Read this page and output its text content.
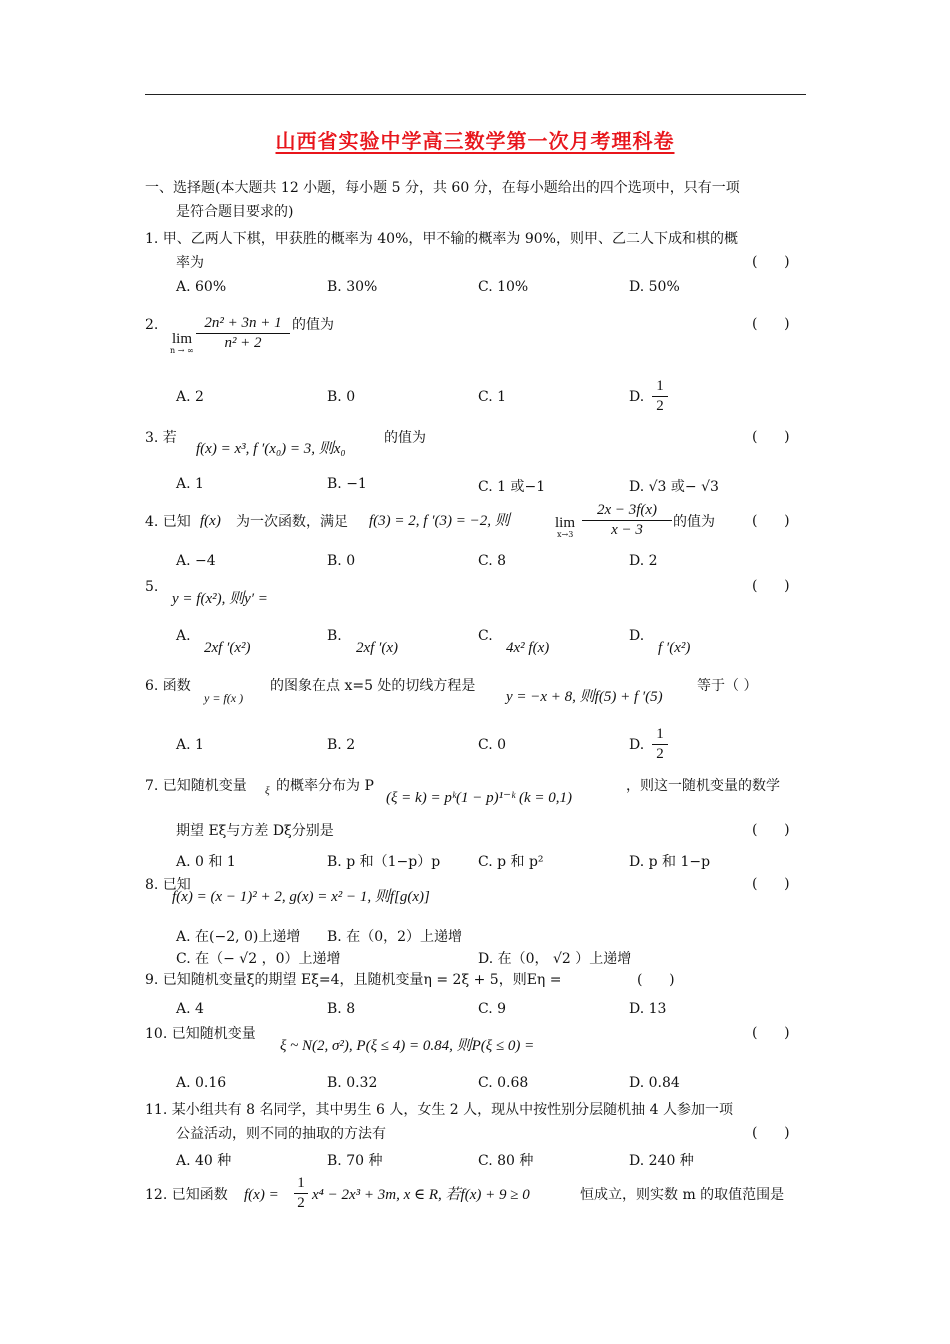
山西省实验中学高三数学第一次月考理科卷
一、选择题(本大题共 12 小题，每小题 5 分，共 60 分，在每小题给出的四个选项中，只有一项
是符合题目要求的)
1. 甲、乙两人下棋，甲获胜的概率为 40%，甲不输的概率为 90%，则甲、乙二人下成和棋的概
率为	(      )
A. 60%	B. 30%	C. 10%	D. 50%
2.
lim
n → ∞ $\frac{\text{2n² + 3n + 1}}{\text{n² + 2}}$ 的值为	(      )
A. 2	B. 0	C. 1	D. $\frac{1}{2}$
3. 若
f(x) = x³, f ′(x₀) = 3, 则x₀
的值为	(      )
A. 1	B. −1	C. 1 或−1	D. √3 或− √3
4. 已知 f(x) 为一次函数，满足 f(3) = 2, f ′(3) = −2, 则	lim
$x\to 3 \frac{2x - 3f(x)}{x - 3}$ 的值为	(      )
A. −4	B. 0	C. 8	D. 2
5.
y = f(x²), 则y′ =
(      )
A.
2xf ′(x²)
B.
2xf ′(x)
C.
4x² f(x)
D.
f ′(x²)
6. 函数
y = f(x )
的图象在点 x=5 处的切线方程是
y = −x + 8, 则f(5) + f ′(5)
等于（ ）
A. 1	B. 2	C. 0	D. $\frac{1}{2}$
7. 已知随机变量 ξ 的概率分布为 P
(ξ = k) = pᵏ(1 − p)¹⁻ᵏ (k = 0,1)
，则这一随机变量的数学
期望 Eξ与方差 Dξ分别是	(      )
A. 0 和 1	B. p 和（1−p）p	C. p 和 p²	D. p 和 1−p
8. 已知
f(x) = (x − 1)² + 2, g(x) = x² − 1, 则f[g(x)]
(      )
A. 在(−2, 0)上递增 B. 在（0，2）上递增
C. 在（− √2 ，0）上递增	D. 在（0， √2 ）上递增
9. 已知随机变量ξ的期望 Eξ=4，且随机变量η = 2ξ + 5，则Eη =	(      )
A. 4	B. 8	C. 9	D. 13
10. 已知随机变量
ξ ~ N(2, σ²), P(ξ ≤ 4) = 0.84, 则P(ξ ≤ 0) =
(      )
A. 0.16	B. 0.32	C. 0.68	D. 0.84
11. 某小组共有 8 名同学，其中男生 6 人，女生 2 人，现从中按性别分层随机抽 4 人参加一项
公益活动，则不同的抽取的方法有	(      )
A. 40 种	B. 70 种	C. 80 种	D. 240 种
12. 已知函数 $f(x) = \frac{1}{2} x^4 - 2x^3 + 3m$, x ∈ R, 若f(x) + 9 ≥ 0	恒成立，则实数 m 的取值范围是
